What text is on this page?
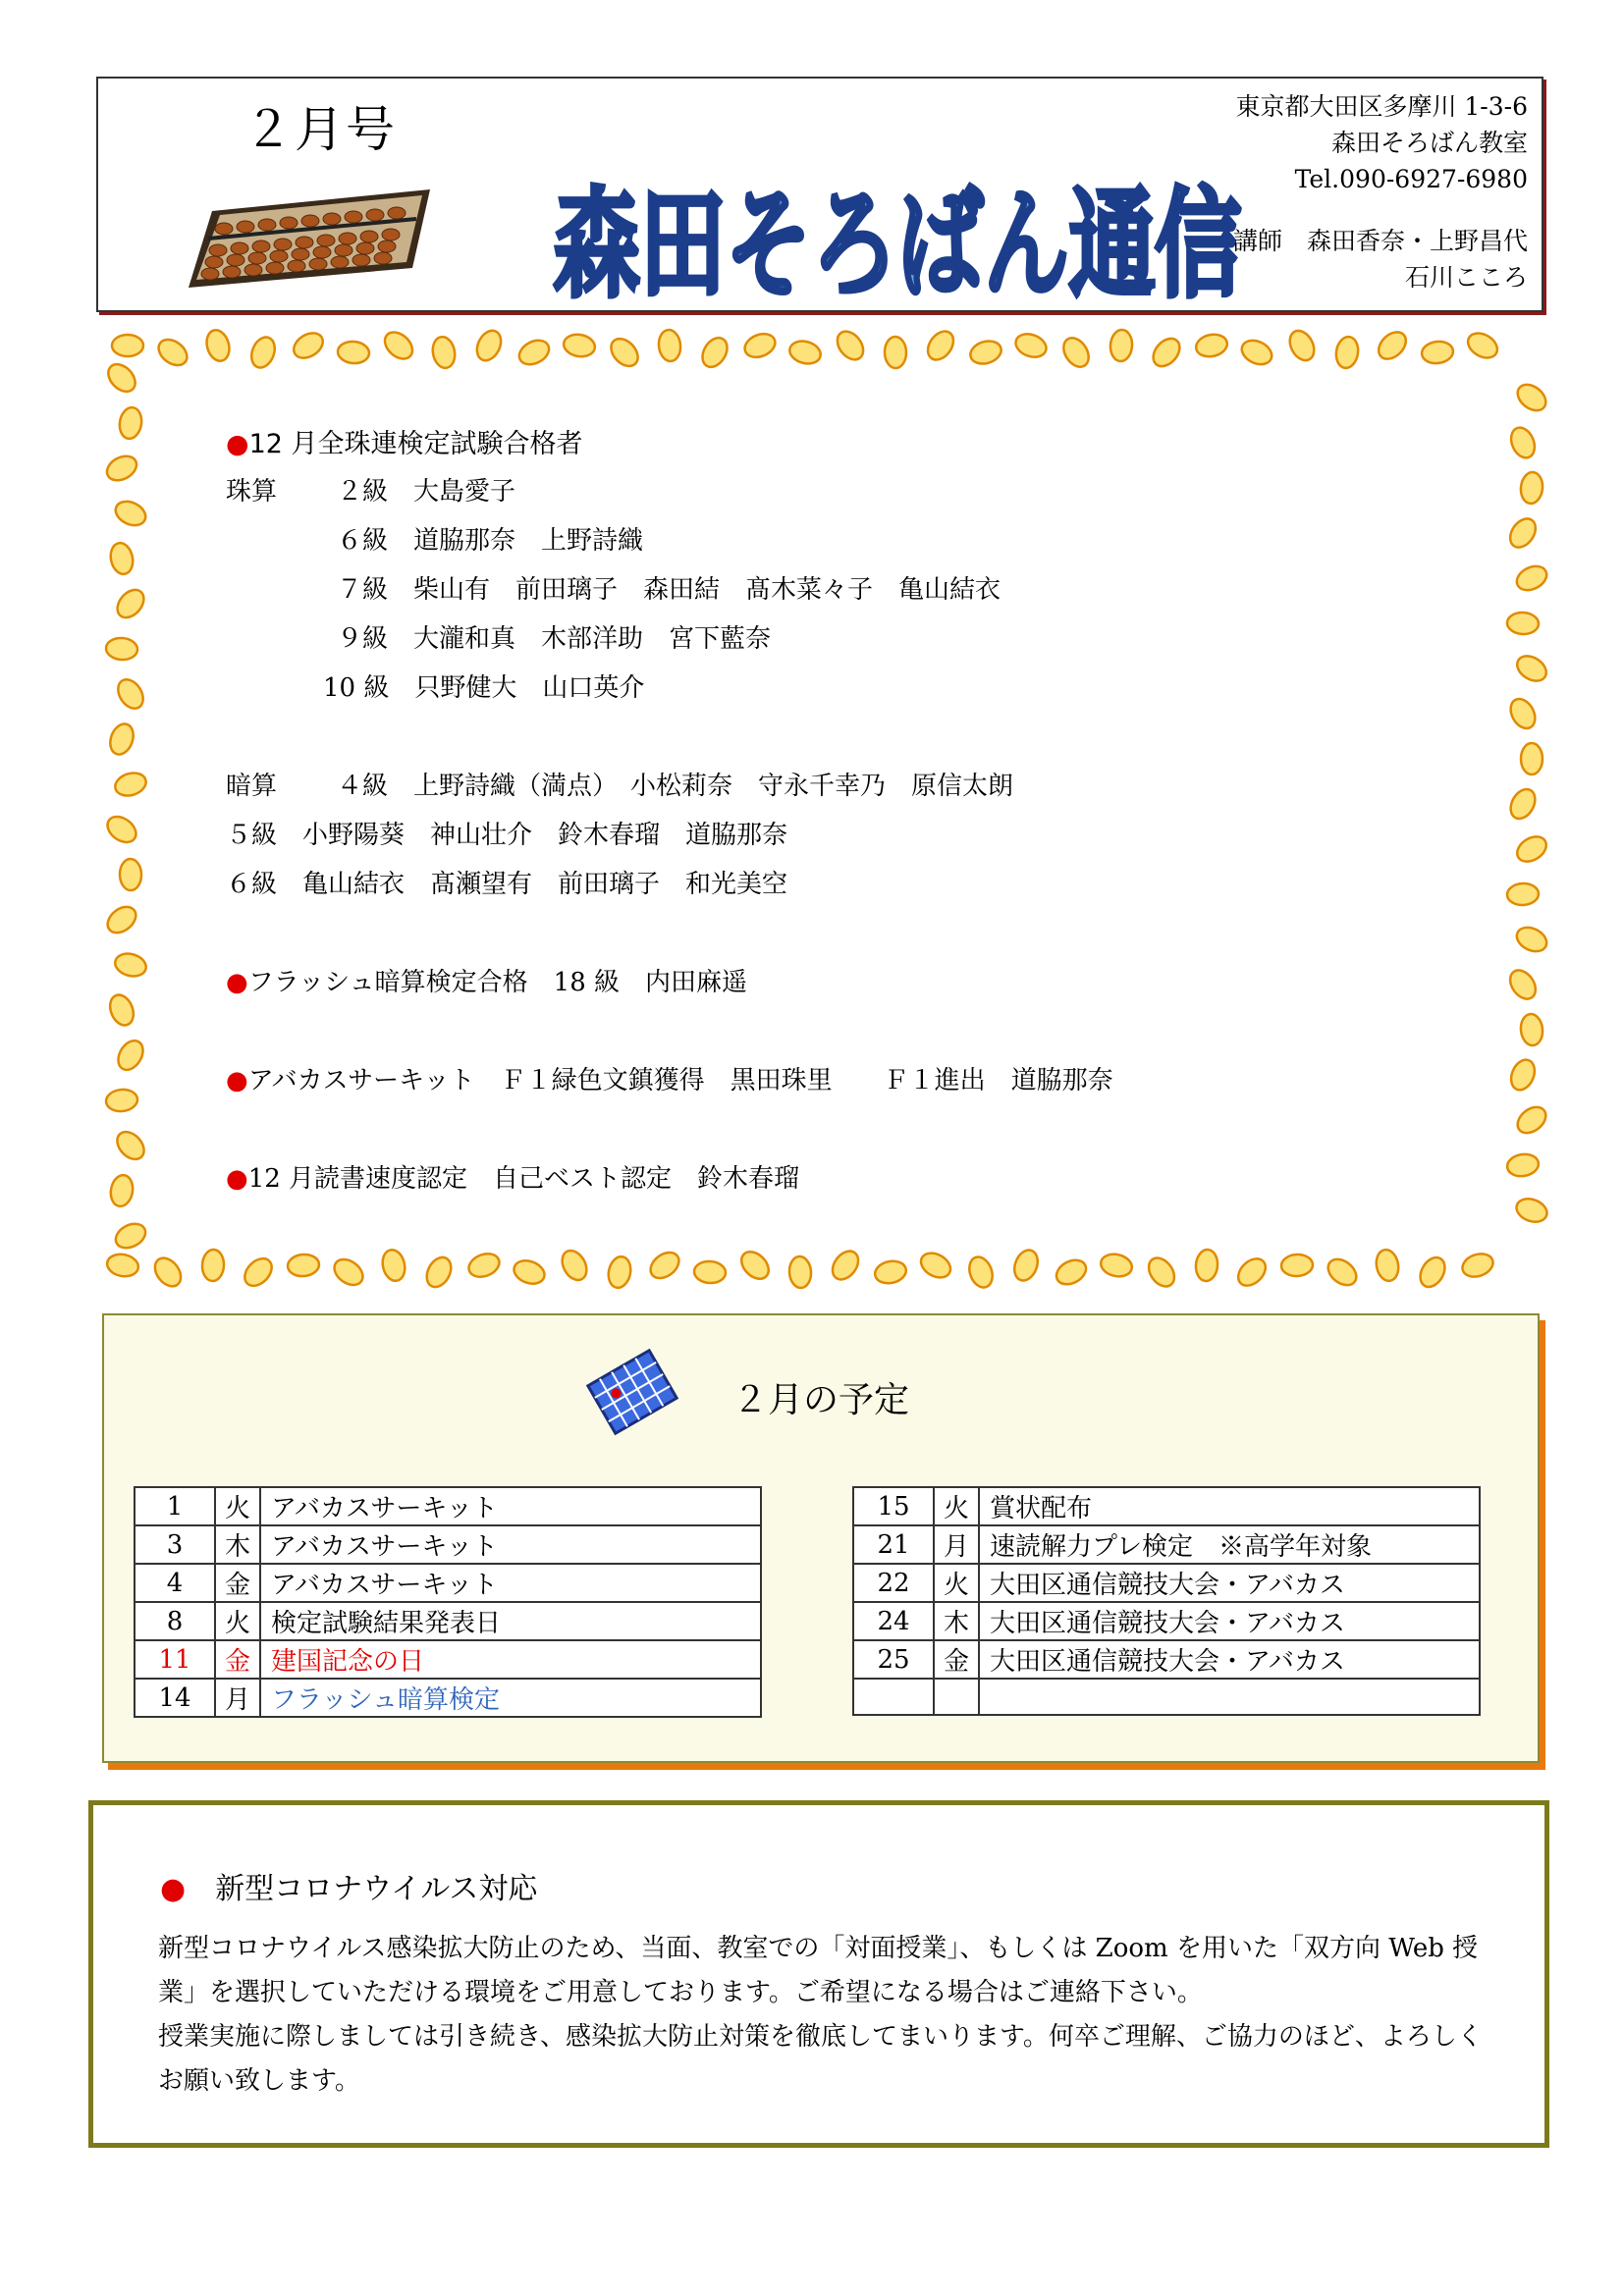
２月号
森田そろばん通信
東京都大田区多摩川 1-3-6
森田そろばん教室
Tel.090-6927-6980
講師　森田香奈・上野昌代
石川こころ
●12 月全珠連検定試験合格者
珠算 ２級　 大島愛子
６級　 道脇那奈　上野詩織
７級　 柴山有　前田璃子　森田結　髙木菜々子　亀山結衣
９級　 大瀧和真　木部洋助　宮下藍奈
10 級　 只野健大　山口英介
暗算 ４級　 上野詩織（満点）　小松莉奈　守永千幸乃　原信太朗
５級　 小野陽葵　神山壮介　鈴木春瑠　道脇那奈
６級　 亀山結衣　髙瀬望有　前田璃子　和光美空
●フラッシュ暗算検定合格　18 級　内田麻遥
●アバカスサーキット　Ｆ１緑色文鎮獲得　黒田珠里　　Ｆ１進出　道脇那奈
●12 月読書速度認定　自己ベスト認定　鈴木春瑠
２月の予定
1	火	アバカスサーキット
3	木	アバカスサーキット
4	金	アバカスサーキット
8	火	検定試験結果発表日
11	金	建国記念の日
14	月	フラッシュ暗算検定
15	火	賞状配布
21	月	速読解力プレ検定　※高学年対象
22	火	大田区通信競技大会・アバカス
24	木	大田区通信競技大会・アバカス
25	金	大田区通信競技大会・アバカス

● 新型コロナウイルス対応
新型コロナウイルス感染拡大防止のため、当面、教室での「対面授業」、もしくは Zoom を用いた「双方向 Web 授業」を選択していただける環境をご用意しております。ご希望になる場合はご連絡下さい。
授業実施に際しましては引き続き、感染拡大防止対策を徹底してまいります。何卒ご理解、ご協力のほど、よろしくお願い致します。
